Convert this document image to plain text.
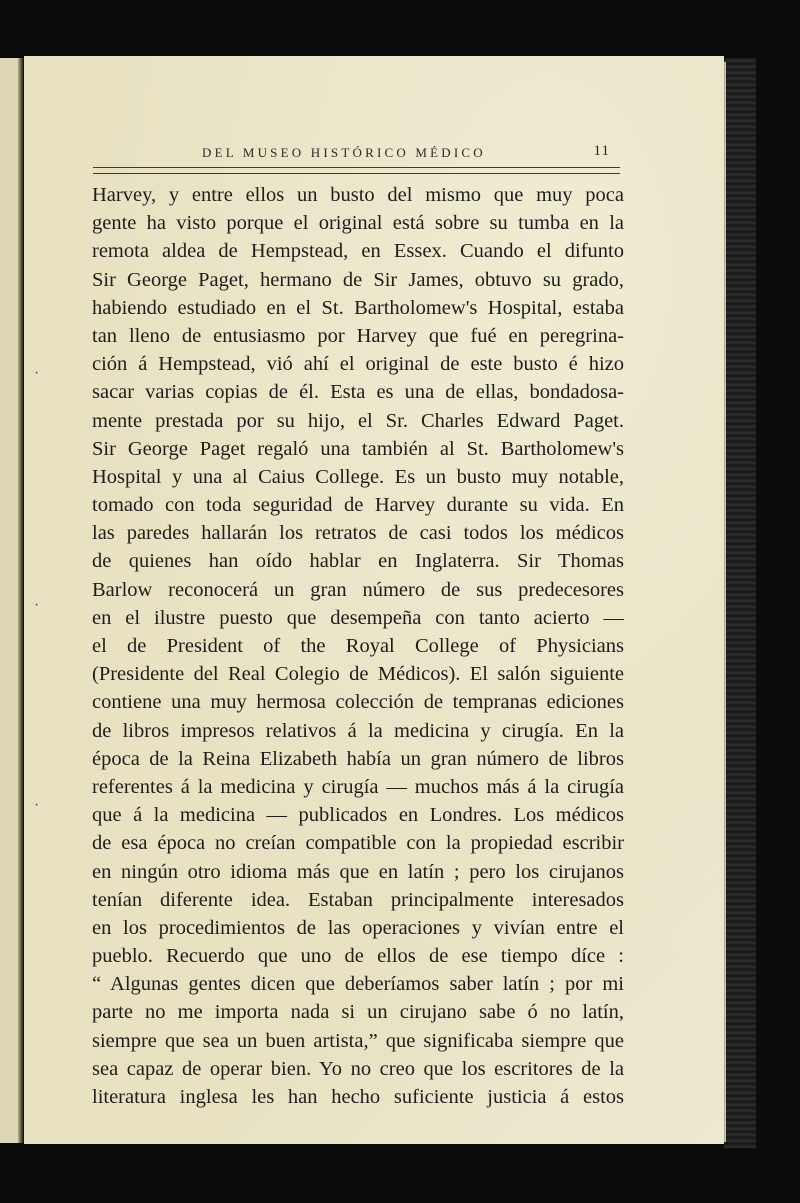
DEL MUSEO HISTÓRICO MÉDICO	11
Harvey, y entre ellos un busto del mismo que muy poca
gente ha visto porque el original está sobre su tumba en la
remota aldea de Hempstead, en Essex. Cuando el difunto
Sir George Paget, hermano de Sir James, obtuvo su grado,
habiendo estudiado en el St. Bartholomew's Hospital, estaba
tan lleno de entusiasmo por Harvey que fué en peregrina-
ción á Hempstead, vió ahí el original de este busto é hizo
sacar varias copias de él. Esta es una de ellas, bondadosa-
mente prestada por su hijo, el Sr. Charles Edward Paget.
Sir George Paget regaló una también al St. Bartholomew's
Hospital y una al Caius College. Es un busto muy notable,
tomado con toda seguridad de Harvey durante su vida. En
las paredes hallarán los retratos de casi todos los médicos
de quienes han oído hablar en Inglaterra. Sir Thomas
Barlow reconocerá un gran número de sus predecesores
en el ilustre puesto que desempeña con tanto acierto —
el de President of the Royal College of Physicians
(Presidente del Real Colegio de Médicos). El salón siguiente
contiene una muy hermosa colección de tempranas ediciones
de libros impresos relativos á la medicina y cirugía. En la
época de la Reina Elizabeth había un gran número de libros
referentes á la medicina y cirugía — muchos más á la cirugía
que á la medicina — publicados en Londres. Los médicos
de esa época no creían compatible con la propiedad escribir
en ningún otro idioma más que en latín ; pero los cirujanos
tenían diferente idea. Estaban principalmente interesados
en los procedimientos de las operaciones y vivían entre el
pueblo. Recuerdo que uno de ellos de ese tiempo díce :
“ Algunas gentes dicen que deberíamos saber latín ; por mi
parte no me importa nada si un cirujano sabe ó no latín,
siempre que sea un buen artista,” que significaba siempre que
sea capaz de operar bien. Yo no creo que los escritores de la
literatura inglesa les han hecho suficiente justicia á estos
·
·
·
